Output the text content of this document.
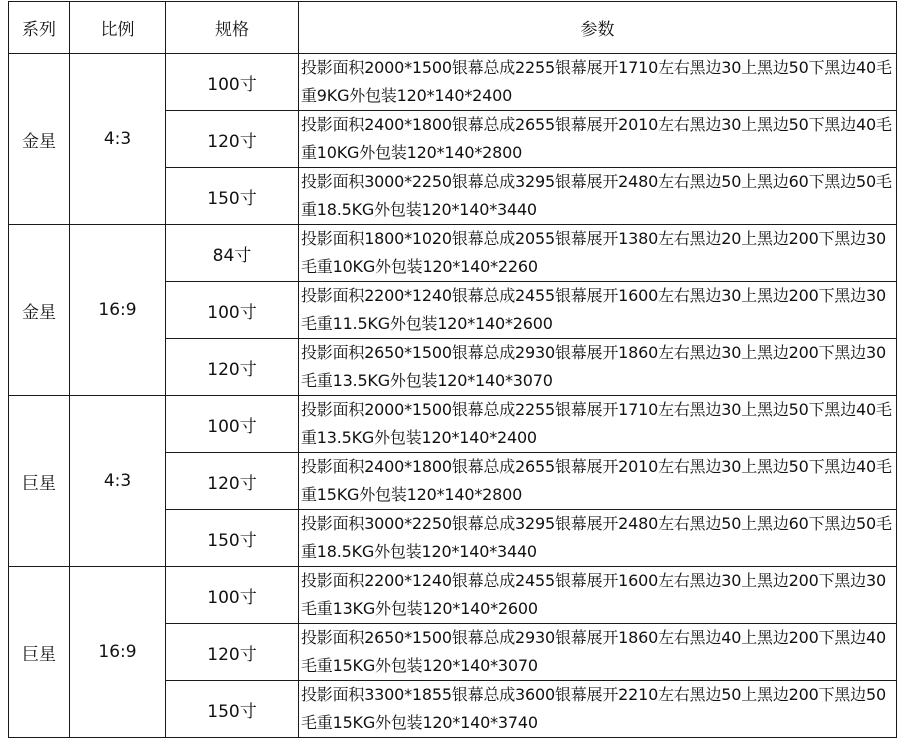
系列	比例	规格	参数
金星	4:3	100寸	投影面积2000*1500银幕总成2255银幕展开1710左右黑边30上黑边50下黑边40毛重9KG外包装120*140*2400
		120寸	投影面积2400*1800银幕总成2655银幕展开2010左右黑边30上黑边50下黑边40毛重10KG外包装120*140*2800
		150寸	投影面积3000*2250银幕总成3295银幕展开2480左右黑边50上黑边60下黑边50毛重18.5KG外包装120*140*3440
金星	16:9	84寸	投影面积1800*1020银幕总成2055银幕展开1380左右黑边20上黑边200下黑边30毛重10KG外包装120*140*2260
		100寸	投影面积2200*1240银幕总成2455银幕展开1600左右黑边30上黑边200下黑边30毛重11.5KG外包装120*140*2600
		120寸	投影面积2650*1500银幕总成2930银幕展开1860左右黑边30上黑边200下黑边30毛重13.5KG外包装120*140*3070
巨星	4:3	100寸	投影面积2000*1500银幕总成2255银幕展开1710左右黑边30上黑边50下黑边40毛重13.5KG外包装120*140*2400
		120寸	投影面积2400*1800银幕总成2655银幕展开2010左右黑边30上黑边50下黑边40毛重15KG外包装120*140*2800
		150寸	投影面积3000*2250银幕总成3295银幕展开2480左右黑边50上黑边60下黑边50毛重18.5KG外包装120*140*3440
巨星	16:9	100寸	投影面积2200*1240银幕总成2455银幕展开1600左右黑边30上黑边200下黑边30毛重13KG外包装120*140*2600
		120寸	投影面积2650*1500银幕总成2930银幕展开1860左右黑边40上黑边200下黑边40毛重15KG外包装120*140*3070
		150寸	投影面积3300*1855银幕总成3600银幕展开2210左右黑边50上黑边200下黑边50毛重15KG外包装120*140*3740
